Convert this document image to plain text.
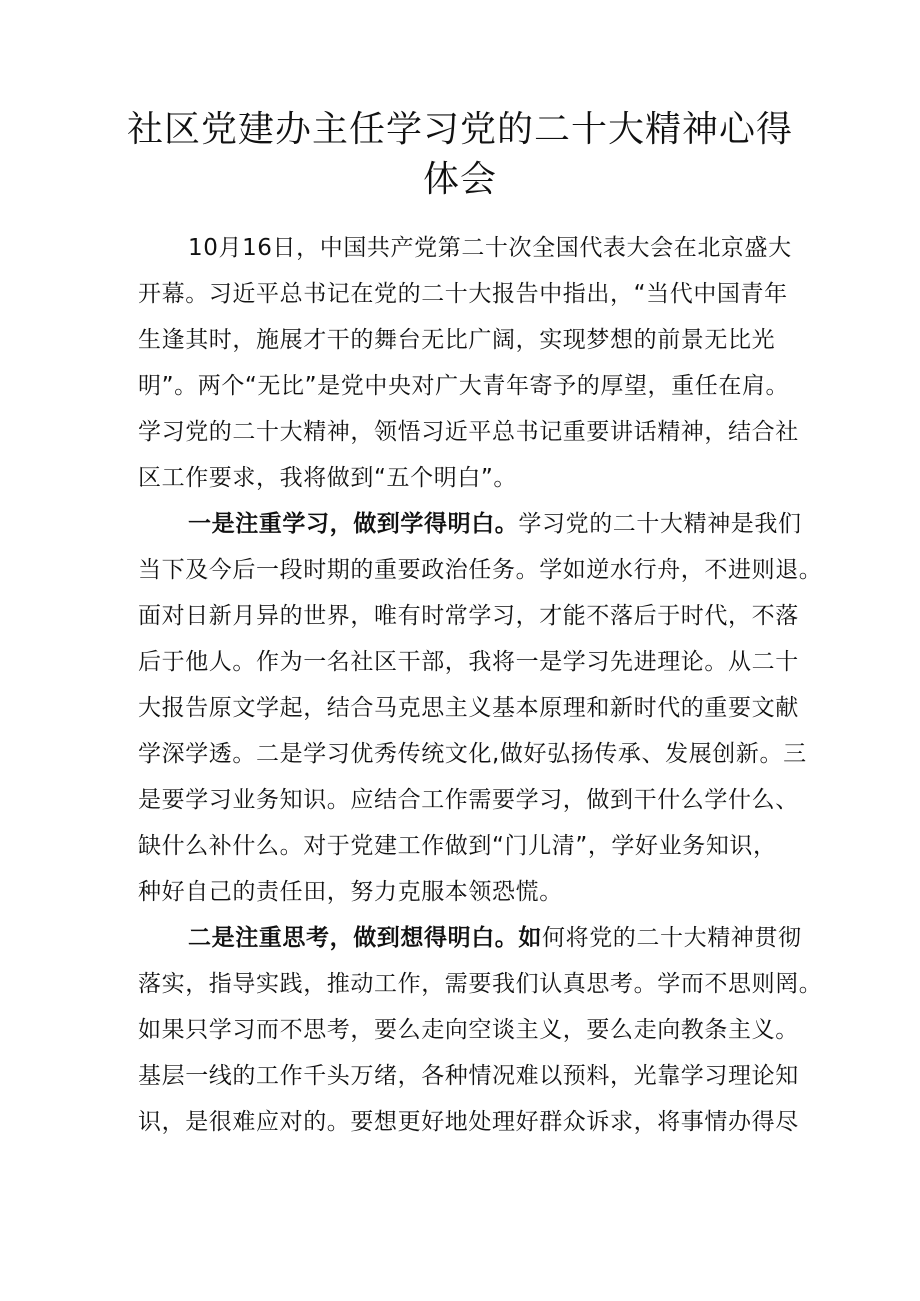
社区党建办主任学习党的二十大精神心得
体会
10月16日，中国共产党第二十次全国代表大会在北京盛大
开幕。习近平总书记在党的二十大报告中指出，“当代中国青年
生逢其时，施展才干的舞台无比广阔，实现梦想的前景无比光
明”。两个“无比”是党中央对广大青年寄予的厚望，重任在肩。
学习党的二十大精神，领悟习近平总书记重要讲话精神，结合社
区工作要求，我将做到“五个明白”。
一是注重学习，做到学得明白。学习党的二十大精神是我们
当下及今后一段时期的重要政治任务。学如逆水行舟，不进则退。
面对日新月异的世界，唯有时常学习，才能不落后于时代，不落
后于他人。作为一名社区干部，我将一是学习先进理论。从二十
大报告原文学起，结合马克思主义基本原理和新时代的重要文献
学深学透。二是学习优秀传统文化,做好弘扬传承、发展创新。三
是要学习业务知识。应结合工作需要学习，做到干什么学什么、
缺什么补什么。对于党建工作做到“门儿清”，学好业务知识，
种好自己的责任田，努力克服本领恐慌。
二是注重思考，做到想得明白。如何将党的二十大精神贯彻
落实，指导实践，推动工作，需要我们认真思考。学而不思则罔。
如果只学习而不思考，要么走向空谈主义，要么走向教条主义。
基层一线的工作千头万绪，各种情况难以预料，光靠学习理论知
识，是很难应对的。要想更好地处理好群众诉求，将事情办得尽
